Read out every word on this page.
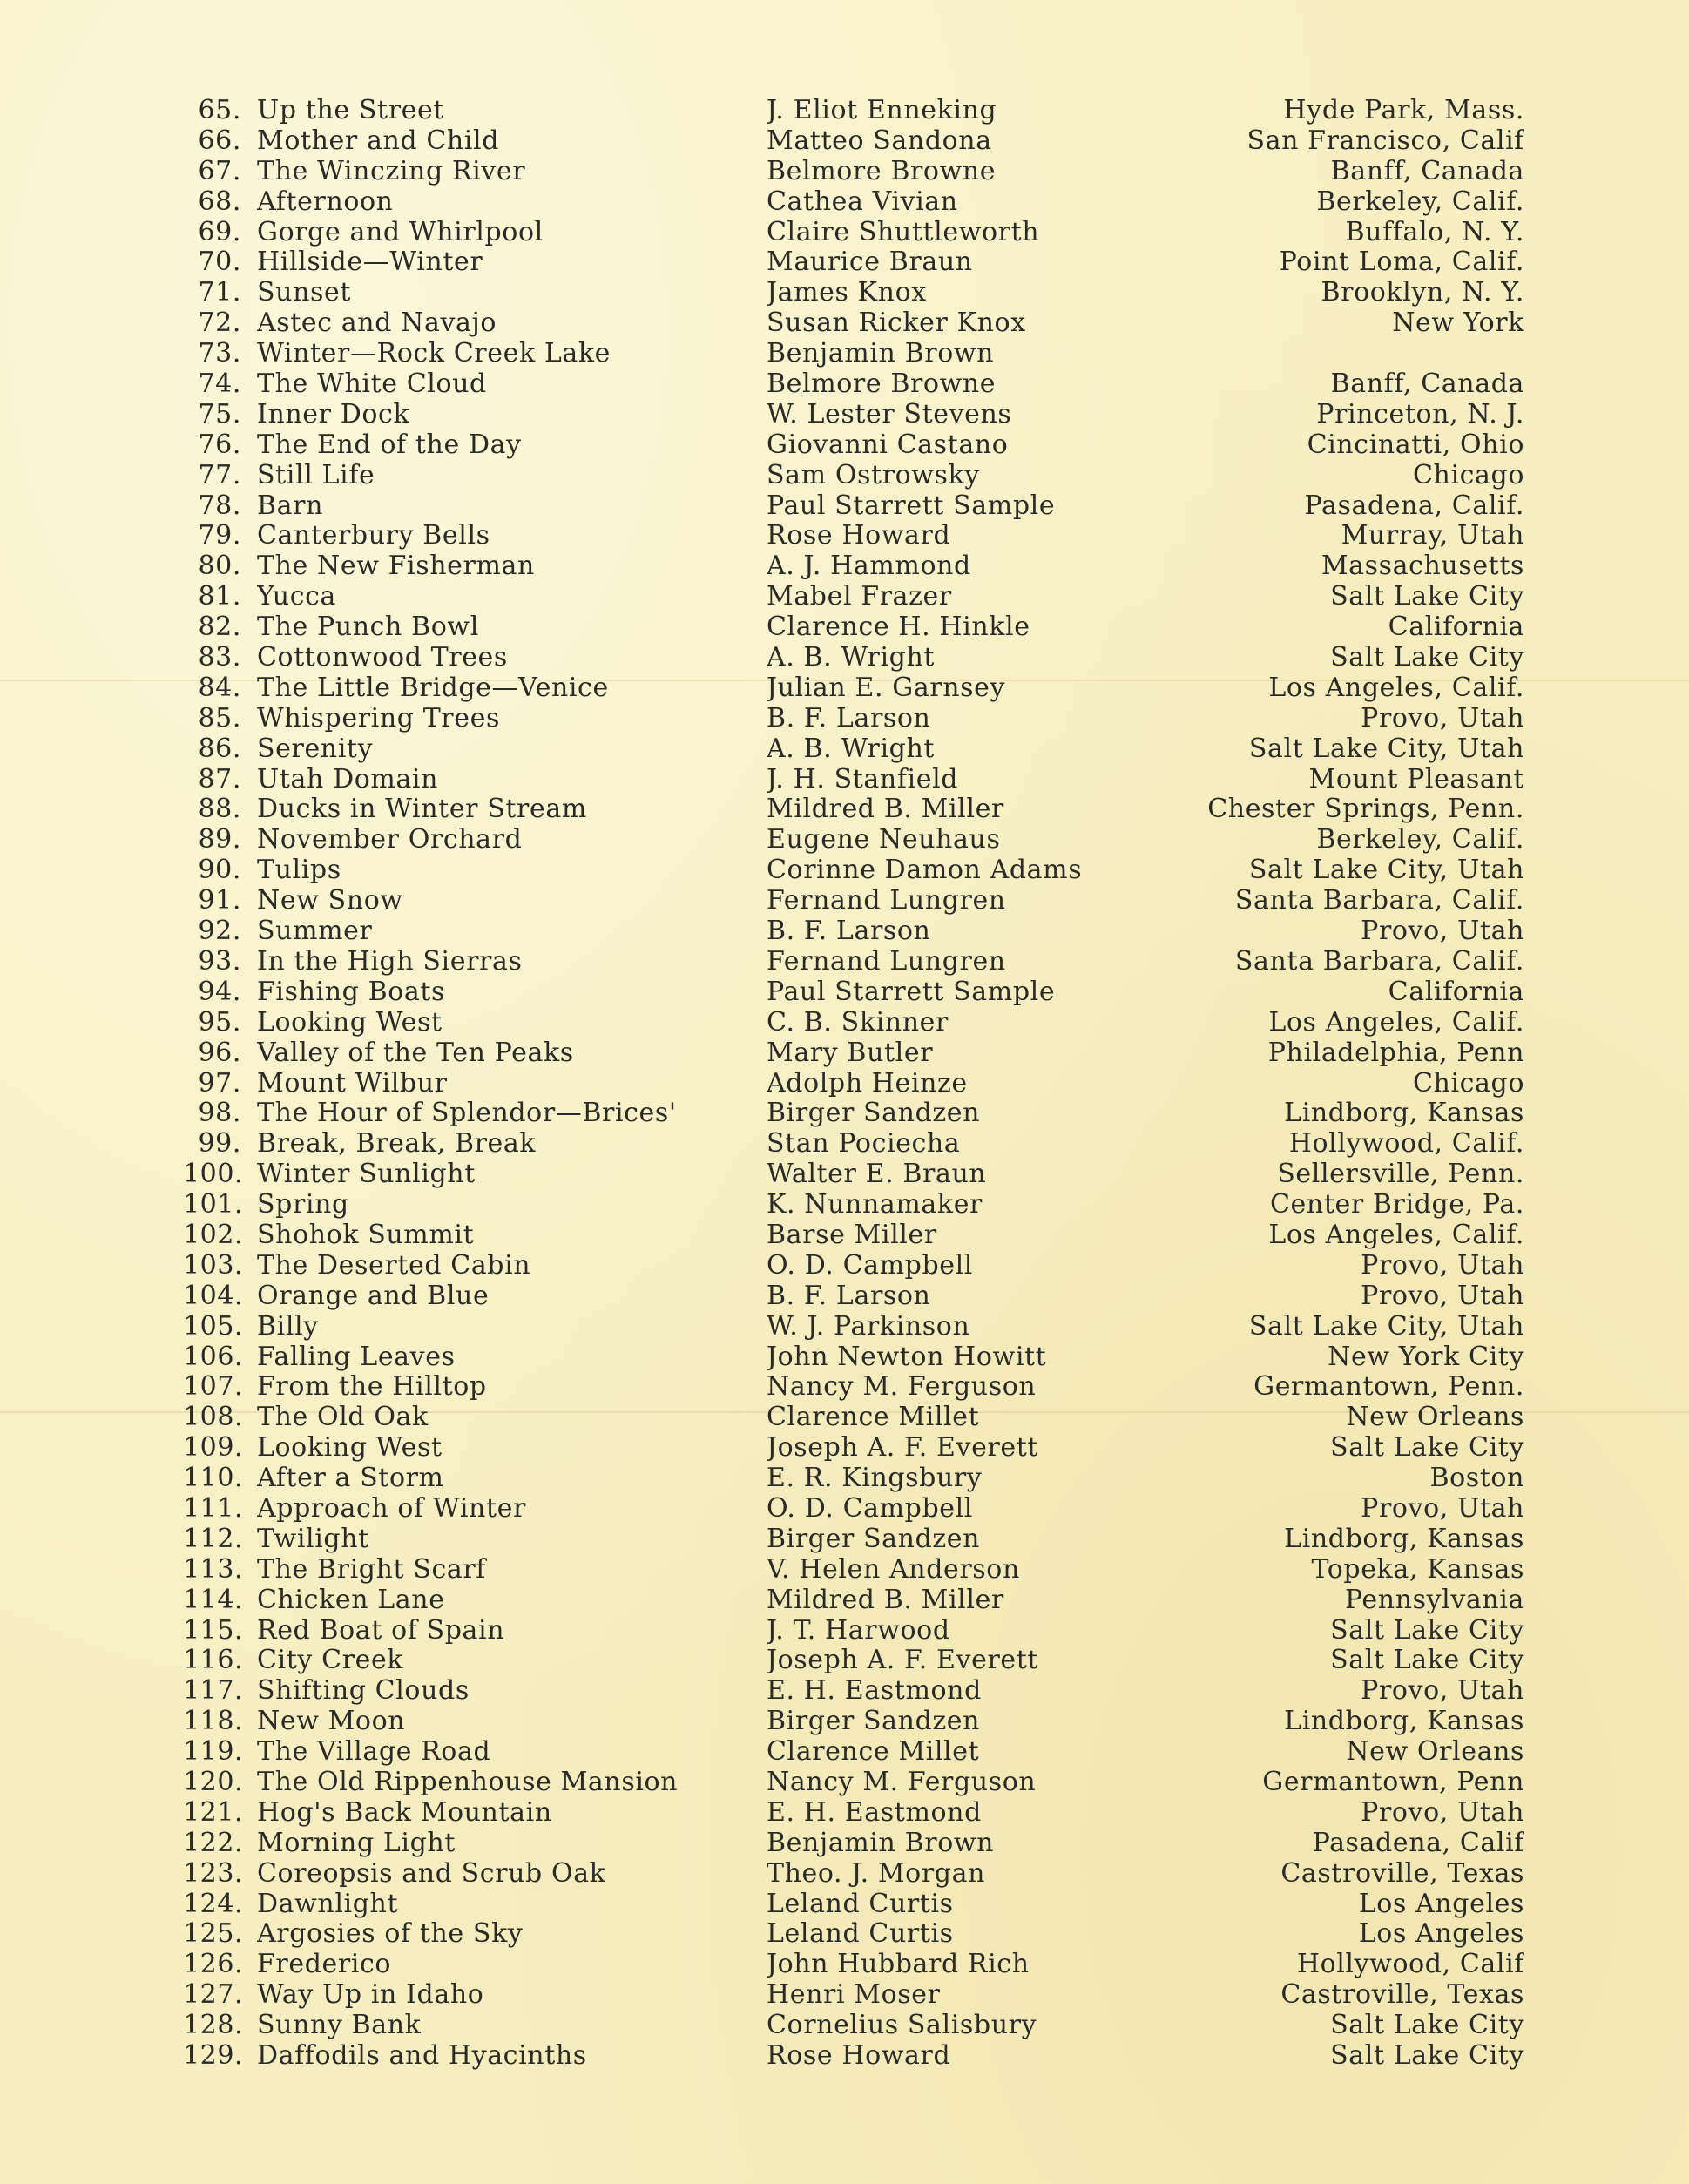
65. Up the Street	J. Eliot Enneking	Hyde Park, Mass.
66. Mother and Child	Matteo Sandona	San Francisco, Calif
67. The Winczing River	Belmore Browne	Banff, Canada
68. Afternoon	Cathea Vivian	Berkeley, Calif.
69. Gorge and Whirlpool	Claire Shuttleworth	Buffalo, N. Y.
70. Hillside—Winter	Maurice Braun	Point Loma, Calif.
71. Sunset	James Knox	Brooklyn, N. Y.
72. Astec and Navajo	Susan Ricker Knox	New York
73. Winter—Rock Creek Lake	Benjamin Brown
74. The White Cloud	Belmore Browne	Banff, Canada
75. Inner Dock	W. Lester Stevens	Princeton, N. J.
76. The End of the Day	Giovanni Castano	Cincinatti, Ohio
77. Still Life	Sam Ostrowsky	Chicago
78. Barn	Paul Starrett Sample	Pasadena, Calif.
79. Canterbury Bells	Rose Howard	Murray, Utah
80. The New Fisherman	A. J. Hammond	Massachusetts
81. Yucca	Mabel Frazer	Salt Lake City
82. The Punch Bowl	Clarence H. Hinkle	California
83. Cottonwood Trees	A. B. Wright	Salt Lake City
84. The Little Bridge—Venice	Julian E. Garnsey	Los Angeles, Calif.
85. Whispering Trees	B. F. Larson	Provo, Utah
86. Serenity	A. B. Wright	Salt Lake City, Utah
87. Utah Domain	J. H. Stanfield	Mount Pleasant
88. Ducks in Winter Stream	Mildred B. Miller	Chester Springs, Penn.
89. November Orchard	Eugene Neuhaus	Berkeley, Calif.
90. Tulips	Corinne Damon Adams	Salt Lake City, Utah
91. New Snow	Fernand Lungren	Santa Barbara, Calif.
92. Summer	B. F. Larson	Provo, Utah
93. In the High Sierras	Fernand Lungren	Santa Barbara, Calif.
94. Fishing Boats	Paul Starrett Sample	California
95. Looking West	C. B. Skinner	Los Angeles, Calif.
96. Valley of the Ten Peaks	Mary Butler	Philadelphia, Penn
97. Mount Wilbur	Adolph Heinze	Chicago
98. The Hour of Splendor—Brices'	Birger Sandzen	Lindborg, Kansas
99. Break, Break, Break	Stan Pociecha	Hollywood, Calif.
100. Winter Sunlight	Walter E. Braun	Sellersville, Penn.
101. Spring	K. Nunnamaker	Center Bridge, Pa.
102. Shohok Summit	Barse Miller	Los Angeles, Calif.
103. The Deserted Cabin	O. D. Campbell	Provo, Utah
104. Orange and Blue	B. F. Larson	Provo, Utah
105. Billy	W. J. Parkinson	Salt Lake City, Utah
106. Falling Leaves	John Newton Howitt	New York City
107. From the Hilltop	Nancy M. Ferguson	Germantown, Penn.
108. The Old Oak	Clarence Millet	New Orleans
109. Looking West	Joseph A. F. Everett	Salt Lake City
110. After a Storm	E. R. Kingsbury	Boston
111. Approach of Winter	O. D. Campbell	Provo, Utah
112. Twilight	Birger Sandzen	Lindborg, Kansas
113. The Bright Scarf	V. Helen Anderson	Topeka, Kansas
114. Chicken Lane	Mildred B. Miller	Pennsylvania
115. Red Boat of Spain	J. T. Harwood	Salt Lake City
116. City Creek	Joseph A. F. Everett	Salt Lake City
117. Shifting Clouds	E. H. Eastmond	Provo, Utah
118. New Moon	Birger Sandzen	Lindborg, Kansas
119. The Village Road	Clarence Millet	New Orleans
120. The Old Rippenhouse Mansion	Nancy M. Ferguson	Germantown, Penn
121. Hog's Back Mountain	E. H. Eastmond	Provo, Utah
122. Morning Light	Benjamin Brown	Pasadena, Calif
123. Coreopsis and Scrub Oak	Theo. J. Morgan	Castroville, Texas
124. Dawnlight	Leland Curtis	Los Angeles
125. Argosies of the Sky	Leland Curtis	Los Angeles
126. Frederico	John Hubbard Rich	Hollywood, Calif
127. Way Up in Idaho	Henri Moser	Castroville, Texas
128. Sunny Bank	Cornelius Salisbury	Salt Lake City
129. Daffodils and Hyacinths	Rose Howard	Salt Lake City
